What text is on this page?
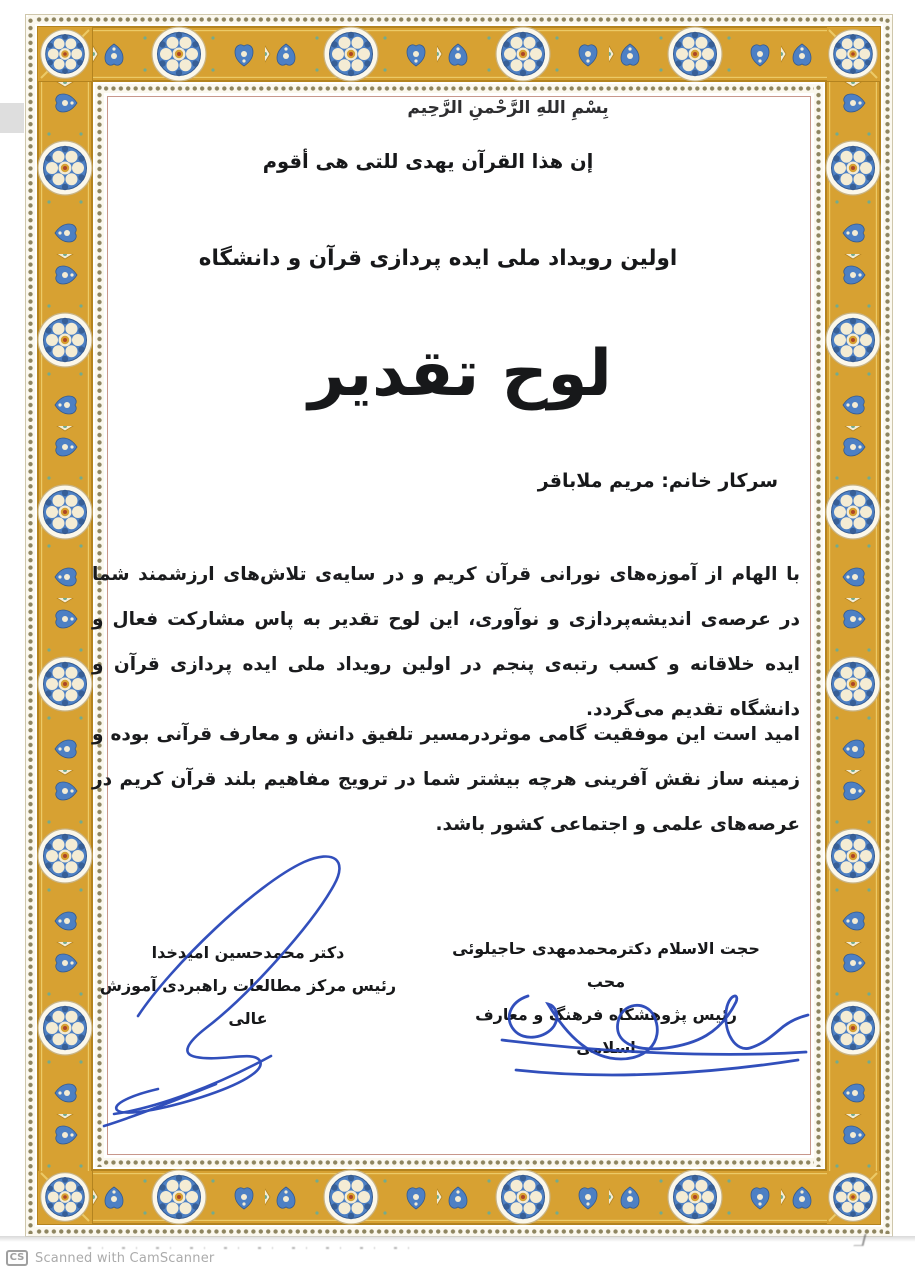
بِسْمِ اللهِ الرَّحْمنِ الرَّحِیم
إن هذا القرآن یهدی للتی هی أقوم
اولین رویداد ملی ایده پردازی قرآن و دانشگاه
لوح تقدیر
سرکار خانم: مریم ملاباقر
با الهام از آموزه‌های نورانی قرآن کریم و در سایه‌ی تلاش‌های ارزشمند شما در عرصه‌ی اندیشه‌پردازی و نوآوری، این لوح تقدیر به پاس مشارکت فعال و ایده خلاقانه و کسب رتبه‌ی پنجم در اولین رویداد ملی ایده پردازی قرآن و دانشگاه تقدیم می‌گردد.
امید است این موفقیت گامی موثردرمسیر تلفیق دانش و معارف قرآنی بوده و زمینه ساز نقش آفرینی هرچه بیشتر شما در ترویج مفاهیم بلند قرآن کریم در عرصه‌های علمی و اجتماعی کشور باشد.
حجت الاسلام دکترمحمدمهدی حاجیلوئی محب
رئیس پژوهشگاه فرهنگ و معارف اسلامی
دکتر محمدحسین امیدخدا
رئیس مرکز مطالعات راهبردی آموزش عالی
CS Scanned with CamScanner
